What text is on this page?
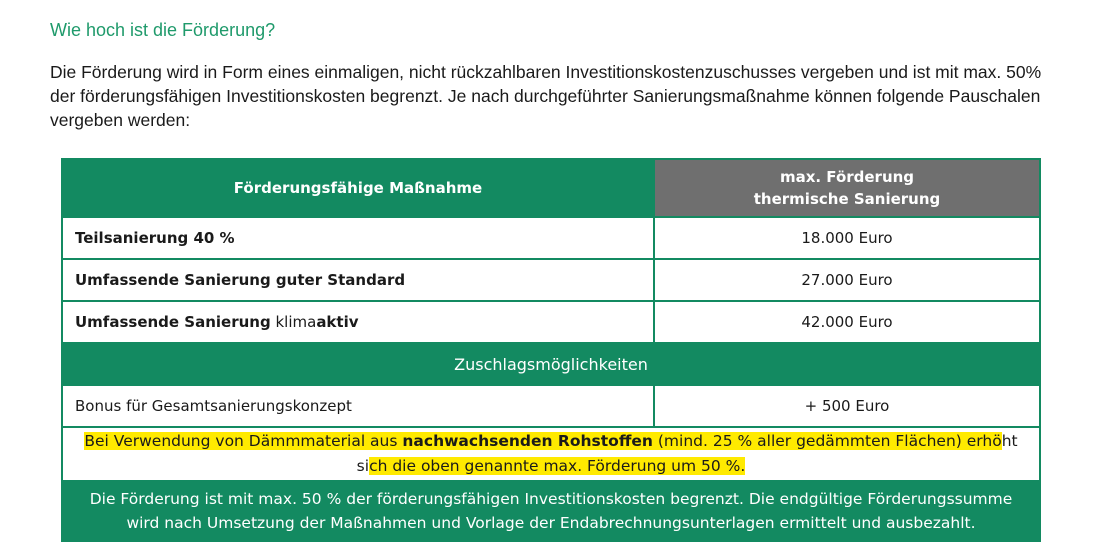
Wie hoch ist die Förderung?
Die Förderung wird in Form eines einmaligen, nicht rückzahlbaren Investitionskostenzuschusses vergeben und ist mit max. 50% der förderungsfähigen Investitionskosten begrenzt. Je nach durchgeführter Sanierungsmaßnahme können folgende Pauschalen vergeben werden:
Förderungsfähige Maßnahme	max. Förderung
thermische Sanierung
Teilsanierung 40 %	18.000 Euro
Umfassende Sanierung guter Standard	27.000 Euro
Umfassende Sanierung klimaaktiv	42.000 Euro
Zuschlagsmöglichkeiten	
Bonus für Gesamtsanierungskonzept	+ 500 Euro
Bei Verwendung von Dämmmaterial aus nachwachsenden Rohstoffen (mind. 25 % aller gedämmten Flächen) erhöht
sich die oben genannte max. Förderung um 50 %.	
Die Förderung ist mit max. 50 % der förderungsfähigen Investitionskosten begrenzt. Die endgültige Förderungssumme
wird nach Umsetzung der Maßnahmen und Vorlage der Endabrechnungsunterlagen ermittelt und ausbezahlt.	
